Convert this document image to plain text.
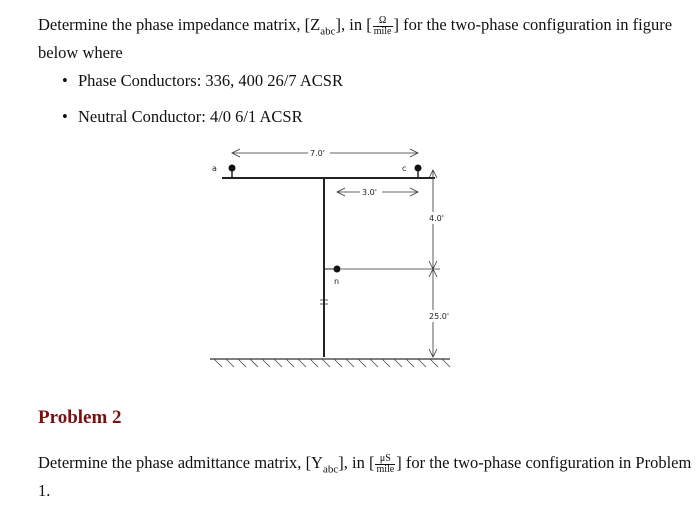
Determine the phase impedance matrix, $[Z_{abc}]$, in [ $\frac{\Omega}{\text{mile}}$ ] for the two-phase configuration in figure below where
• Phase Conductors: 336, 400 26/7 ACSR
• Neutral Conductor: 4/0 6/1 ACSR
a	c
n
7.0'
3.0'
4.0'
25.0'
Problem 2
Determine the phase admittance matrix, $[Y_{abc}]$, in [ $\frac{\mu S}{\text{mile}}$ ] for the two-phase configuration in Problem 1.
